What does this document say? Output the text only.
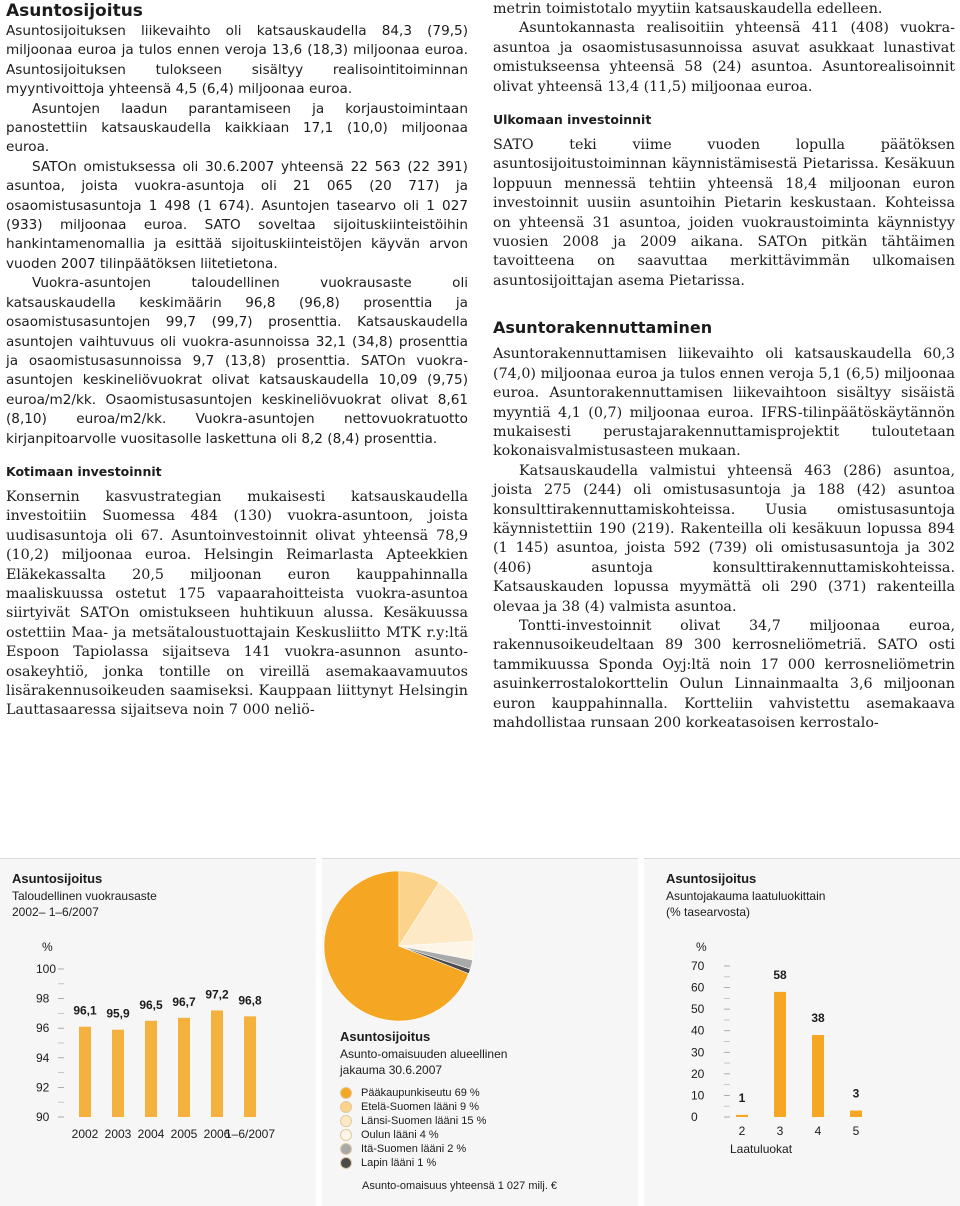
Asuntosijoitus

Asuntosijoituksen liikevaihto oli katsauskaudella 84,3 (79,5) miljoonaa euroa ja tulos ennen veroja 13,6 (18,3) miljoonaa euroa. Asuntosijoituksen tulokseen sisältyy realisointitoiminnan myyntivoittoja yhteensä 4,5 (6,4) miljoonaa euroa.

Asuntojen laadun parantamiseen ja korjaustoimintaan panostettiin katsauskaudella kaikkiaan 17,1 (10,0) miljoonaa euroa.

SATOn omistuksessa oli 30.6.2007 yhteensä 22 563 (22 391) asuntoa, joista vuokra-asuntoja oli 21 065 (20 717) ja osaomistusasuntoja 1 498 (1 674). Asuntojen tasearvo oli 1 027 (933) miljoonaa euroa. SATO soveltaa sijoituskiinteistöihin hankintamenomallia ja esittää sijoituskiinteistöjen käyvän arvon vuoden 2007 tilinpäätöksen liitetietona.

Vuokra-asuntojen taloudellinen vuokrausaste oli katsauskaudella keskimäärin 96,8 (96,8) prosenttia ja osaomistusasuntojen 99,7 (99,7) prosenttia. Katsauskaudella asuntojen vaihtuvuus oli vuokra-asunnoissa 32,1 (34,8) prosenttia ja osaomistusasunnoissa 9,7 (13,8) prosenttia. SATOn vuokra-asuntojen keskineliövuokrat olivat katsauskaudella 10,09 (9,75) euroa/m2/kk. Osaomistusasuntojen keskineliövuokrat olivat 8,61 (8,10) euroa/m2/kk. Vuokra-asuntojen nettovuokratuotto kirjanpitoarvolle vuositasolle laskettuna oli 8,2 (8,4) prosenttia.

Kotimaan investoinnit

Konsernin kasvustrategian mukaisesti katsauskaudella investoitiin Suomessa 484 (130) vuokra-asuntoon, joista uudisasuntoja oli 67. Asuntoinvestoinnit olivat yhteensä 78,9 (10,2) miljoonaa euroa. Helsingin Reimarlasta Apteekkien Eläkekassalta 20,5 miljoonan euron kauppahinnalla maaliskuussa ostetut 175 vapaarahoitteista vuokra-asuntoa siirtyivät SATOn omistukseen huhtikuun alussa. Kesäkuussa ostettiin Maa- ja metsätaloustuottajain Keskusliitto MTK r.y:ltä Espoon Tapiolassa sijaitseva 141 vuokra-asunnon asunto-osakeyhtiö, jonka tontille on vireillä asemakaavamuutos lisärakennusoikeuden saamiseksi. Kauppaan liittynyt Helsingin Lauttasaaressa sijaitseva noin 7 000 neliö-

metrin toimistotalo myytiin katsauskaudella edelleen.

Asuntokannasta realisoitiin yhteensä 411 (408) vuokra-asuntoa ja osaomistusasunnoissa asuvat asukkaat lunastivat omistukseensa yhteensä 58 (24) asuntoa. Asuntorealisoinnit olivat yhteensä 13,4 (11,5) miljoonaa euroa.

Ulkomaan investoinnit

SATO teki viime vuoden lopulla päätöksen asuntosijoitustoiminnan käynnistämisestä Pietarissa. Kesäkuun loppuun mennessä tehtiin yhteensä 18,4 miljoonan euron investoinnit uusiin asuntoihin Pietarin keskustaan. Kohteissa on yhteensä 31 asuntoa, joiden vuokraustoiminta käynnistyy vuosien 2008 ja 2009 aikana. SATOn pitkän tähtäimen tavoitteena on saavuttaa merkittävimmän ulkomaisen asuntosijoittajan asema Pietarissa.

Asuntorakennuttaminen

Asuntorakennuttamisen liikevaihto oli katsauskaudella 60,3 (74,0) miljoonaa euroa ja tulos ennen veroja 5,1 (6,5) miljoonaa euroa. Asuntorakennuttamisen liikevaihtoon sisältyy sisäistä myyntiä 4,1 (0,7) miljoonaa euroa. IFRS-tilinpäätöskäytännön mukaisesti perustajarakennuttamisprojektit tuloutetaan kokonaisvalmistusasteen mukaan.

Katsauskaudella valmistui yhteensä 463 (286) asuntoa, joista 275 (244) oli omistusasuntoja ja 188 (42) asuntoa konsulttirakennuttamiskohteissa. Uusia omistusasuntoja käynnistettiin 190 (219). Rakenteilla oli kesäkuun lopussa 894 (1 145) asuntoa, joista 592 (739) oli omistusasuntoja ja 302 (406) asuntoja konsulttirakennuttamiskohteissa. Katsauskauden lopussa myymättä oli 290 (371) rakenteilla olevaa ja 38 (4) valmista asuntoa.

Tontti-investoinnit olivat 34,7 miljoonaa euroa, rakennusoikeudeltaan 89 300 kerrosneliömetriä. SATO osti tammikuussa Sponda Oyj:ltä noin 17 000 kerrosneliömetrin asuinkerrostalokorttelin Oulun Linnainmaalta 3,6 miljoonan euron kauppahinnalla. Kortteliin vahvistettu asemakaava mahdollistaa runsaan 200 korkeatasoisen kerrostalo-

Asuntosijoitus
Taloudellinen vuokrausaste
2002– 1–6/2007
%
100
98
96
94
92
90
96,1
2002
95,9
2003
96,5
2004
96,7
2005
97,2
2006
96,8
1–6/2007
Asuntosijoitus
Asunto-omaisuuden alueellinen
jakauma 30.6.2007
Pääkaupunkiseutu 69 %
Etelä-Suomen lääni 9 %
Länsi-Suomen lääni 15 %
Oulun lääni 4 %
Itä-Suomen lääni 2 %
Lapin lääni 1 %
Asunto-omaisuus yhteensä 1 027 milj. €
Asuntosijoitus
Asuntojakauma laatuluokittain
(% tasearvosta)
%
70
60
50
40
30
20
10
0
1
2
58
3
38
4
3
5
Laatuluokat
